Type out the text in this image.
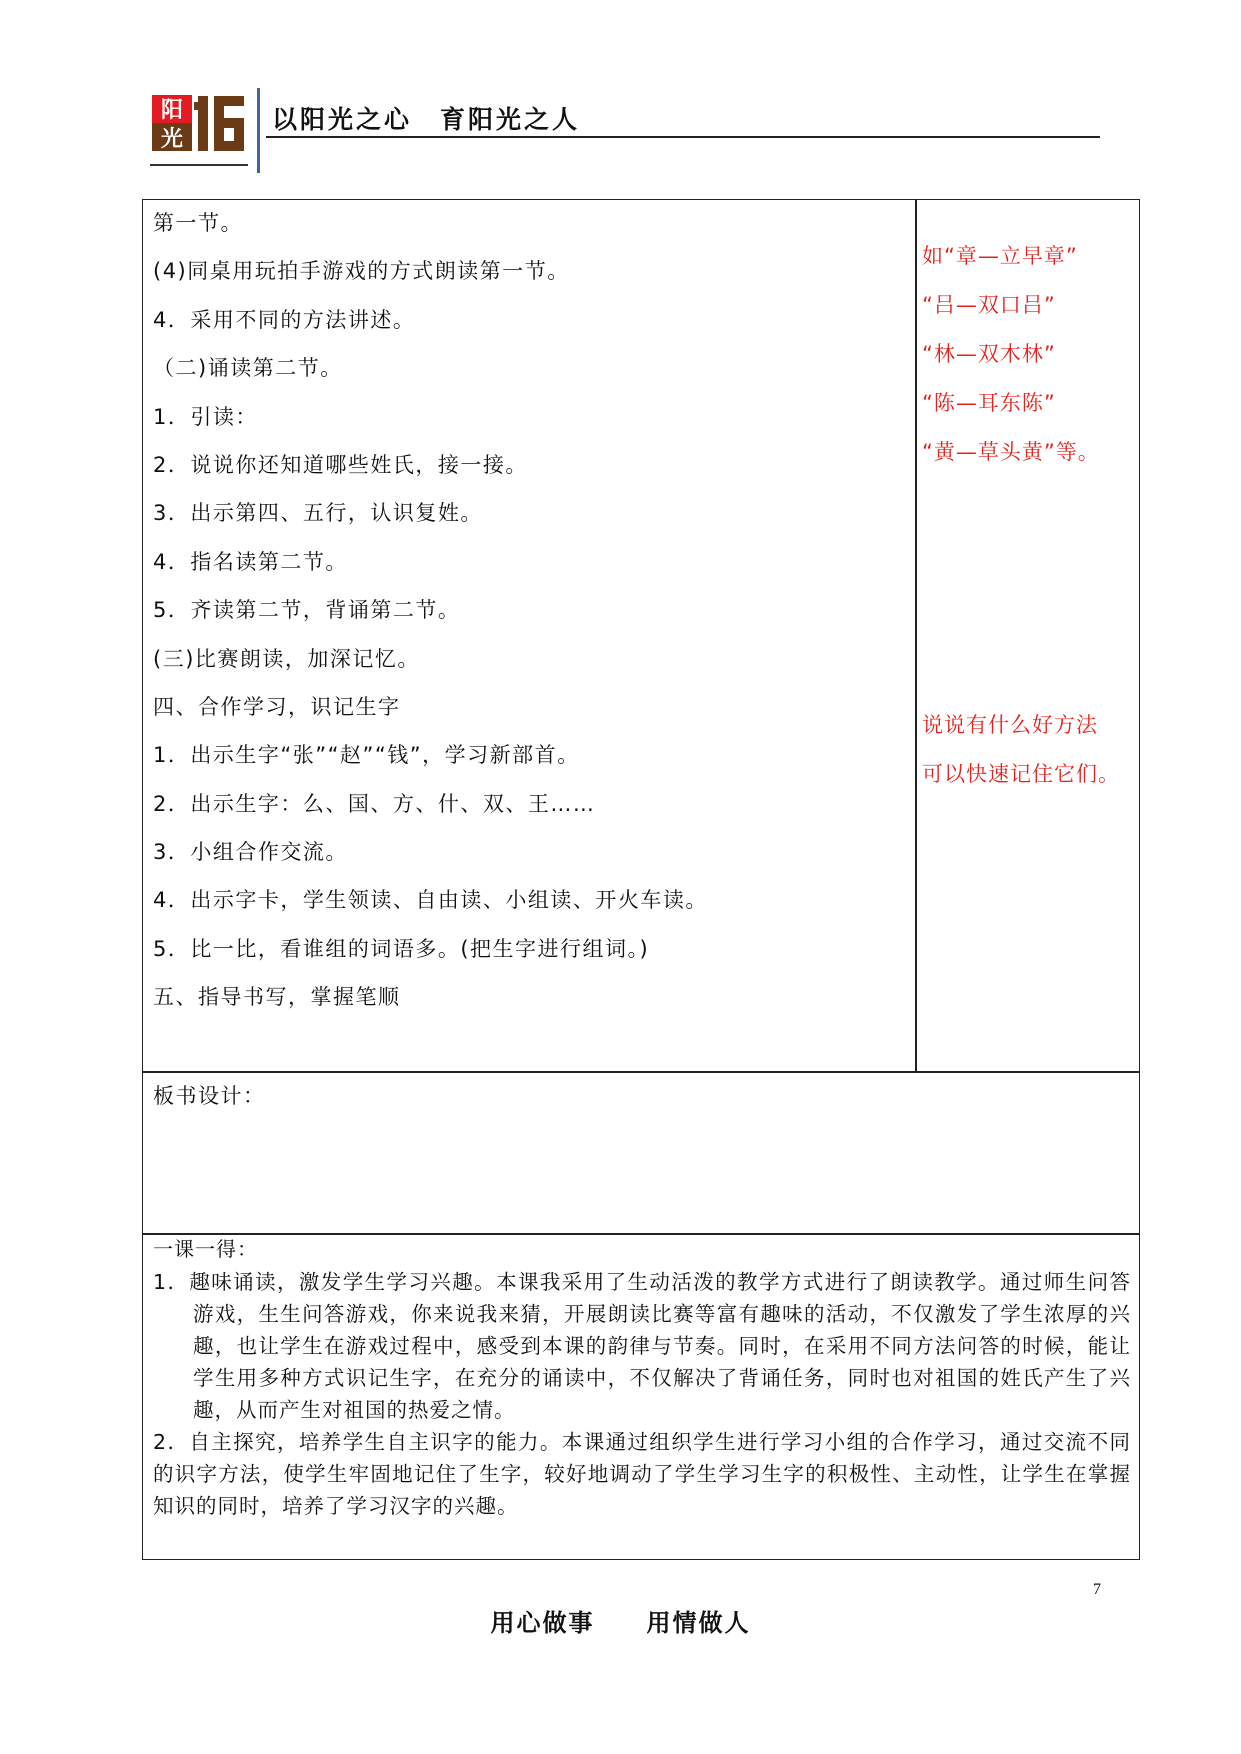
阳
光
以阳光之心　育阳光之人
第一节。
(4)同桌用玩拍手游戏的方式朗读第一节。
4．采用不同的方法讲述。
（二)诵读第二节。
1．引读：
2．说说你还知道哪些姓氏，接一接。
3．出示第四、五行，认识复姓。
4．指名读第二节。
5．齐读第二节，背诵第二节。
(三)比赛朗读，加深记忆。
四、合作学习，识记生字
1．出示生字“张”“赵”“钱”，学习新部首。
2．出示生字：么、国、方、什、双、王……
3．小组合作交流。
4．出示字卡，学生领读、自由读、小组读、开火车读。
5．比一比，看谁组的词语多。(把生字进行组词。)
五、指导书写，掌握笔顺
如“章—立早章”
“吕—双口吕”
“林—双木林”
“陈—耳东陈”
“黄—草头黄”等。
说说有什么好方法
可以快速记住它们。
板书设计：
一课一得：

1．趣味诵读，激发学生学习兴趣。本课我采用了生动活泼的教学方式进行了朗读教学。通过师生问答游戏，生生问答游戏，你来说我来猜，开展朗读比赛等富有趣味的活动，不仅激发了学生浓厚的兴趣，也让学生在游戏过程中，感受到本课的韵律与节奏。同时，在采用不同方法问答的时候，能让学生用多种方式识记生字，在充分的诵读中，不仅解决了背诵任务，同时也对祖国的姓氏产生了兴趣，从而产生对祖国的热爱之情。

2．自主探究，培养学生自主识字的能力。本课通过组织学生进行学习小组的合作学习，通过交流不同的识字方法，使学生牢固地记住了生字，较好地调动了学生学习生字的积极性、主动性，让学生在掌握知识的同时，培养了学习汉字的兴趣。

7
用心做事　　用情做人
